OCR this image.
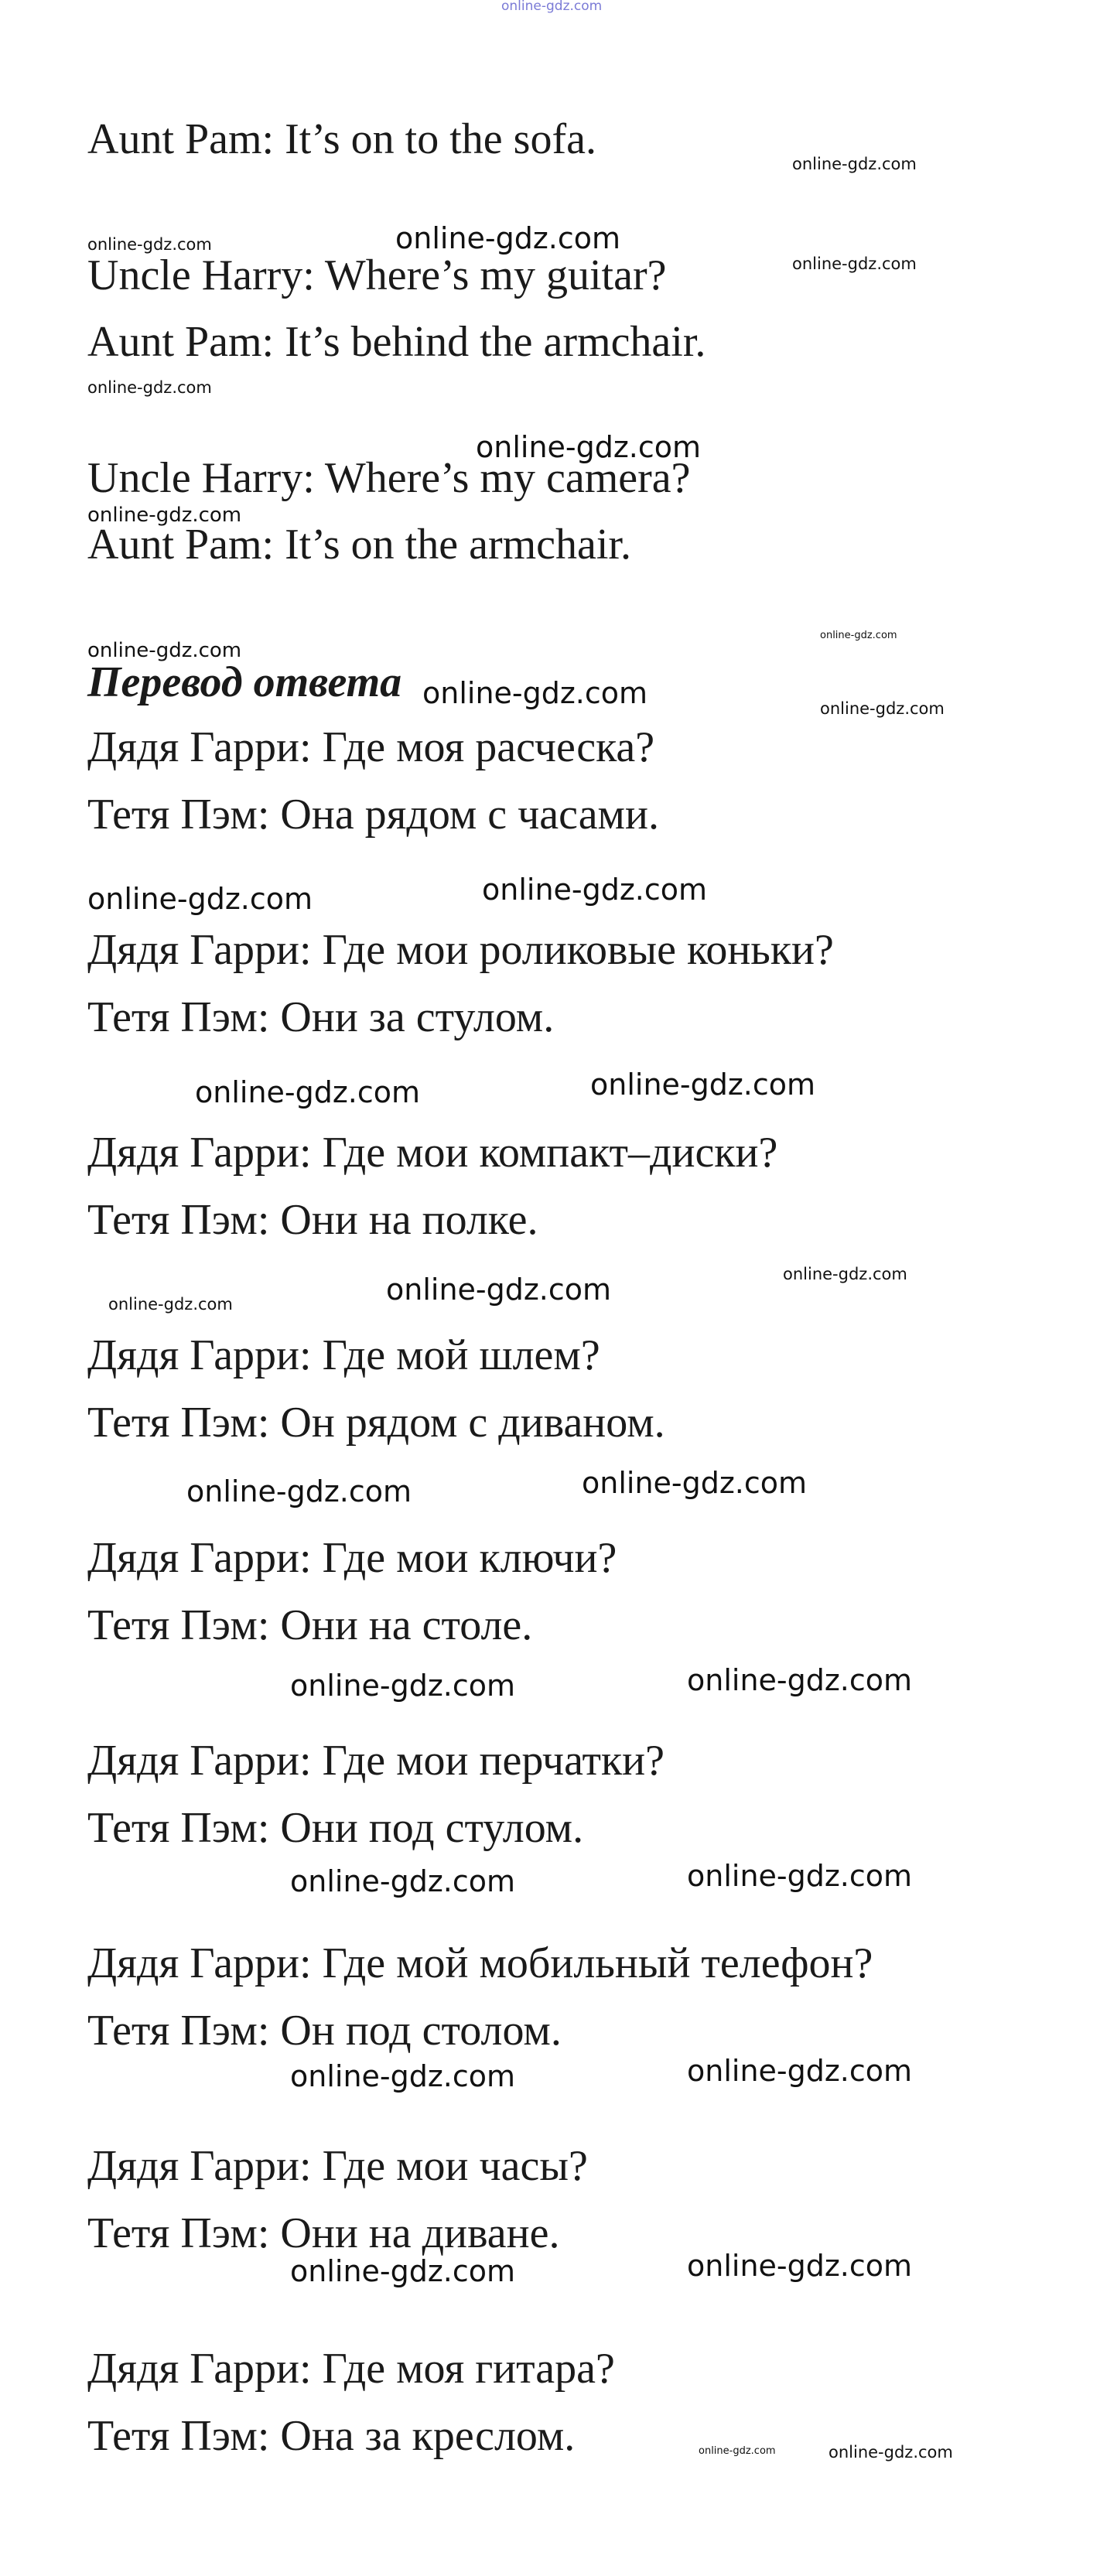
online-gdz.com
Aunt Pam: It’s on to the sofa.
Uncle Harry: Where’s my guitar?
Aunt Pam: It’s behind the armchair.
Uncle Harry: Where’s my camera?
Aunt Pam: It’s on the armchair.
Перевод ответа
Дядя Гарри: Где моя расческа?
Тетя Пэм: Она рядом с часами.
Дядя Гарри: Где мои роликовые коньки?
Тетя Пэм: Они за стулом.
Дядя Гарри: Где мои компакт–диски?
Тетя Пэм: Они на полке.
Дядя Гарри: Где мой шлем?
Тетя Пэм: Он рядом с диваном.
Дядя Гарри: Где мои ключи?
Тетя Пэм: Они на столе.
Дядя Гарри: Где мои перчатки?
Тетя Пэм: Они под стулом.
Дядя Гарри: Где мой мобильный телефон?
Тетя Пэм: Он под столом.
Дядя Гарри: Где мои часы?
Тетя Пэм: Они на диване.
Дядя Гарри: Где моя гитара?
Тетя Пэм: Она за креслом.
online-gdz.com
online-gdz.com	online-gdz.com
online-gdz.com
online-gdz.com
online-gdz.com
online-gdz.com
online-gdz.com
online-gdz.com
online-gdz.com	online-gdz.com
online-gdz.com	online-gdz.com
online-gdz.com	online-gdz.com
online-gdz.com	online-gdz.com
online-gdz.com
online-gdz.com	online-gdz.com
online-gdz.com	online-gdz.com
online-gdz.com	online-gdz.com
online-gdz.com	online-gdz.com
online-gdz.com	online-gdz.com
online-gdz.com	online-gdz.com
